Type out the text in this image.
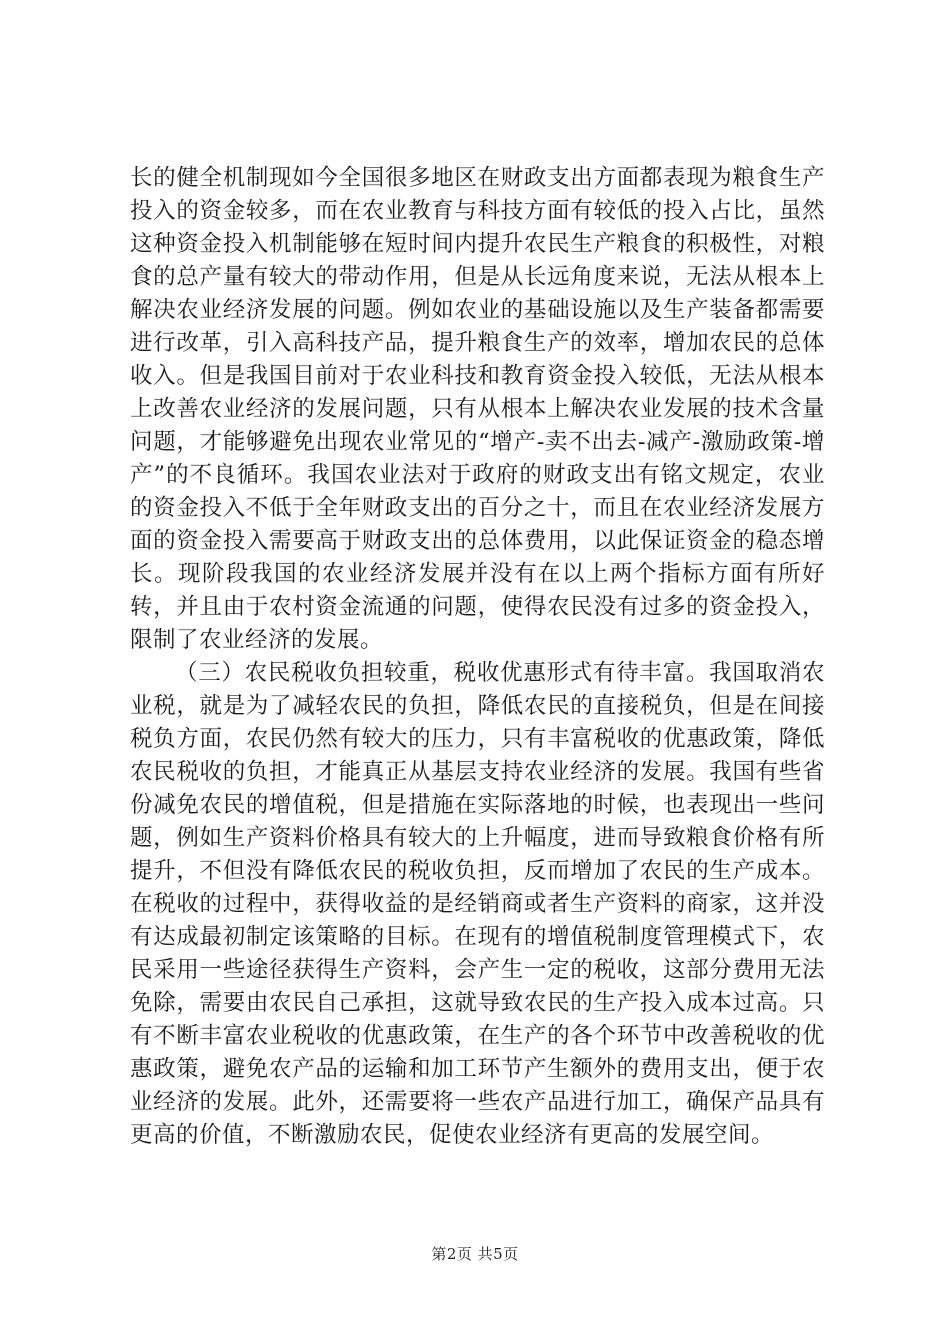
长的健全机制现如今全国很多地区在财政支出方面都表现为粮食生产投入的资金较多，而在农业教育与科技方面有较低的投入占比，虽然这种资金投入机制能够在短时间内提升农民生产粮食的积极性，对粮食的总产量有较大的带动作用，但是从长远角度来说，无法从根本上解决农业经济发展的问题。例如农业的基础设施以及生产装备都需要进行改革，引入高科技产品，提升粮食生产的效率，增加农民的总体收入。但是我国目前对于农业科技和教育资金投入较低，无法从根本上改善农业经济的发展问题，只有从根本上解决农业发展的技术含量问题，才能够避免出现农业常见的“增产-卖不出去-减产-激励政策-增产”的不良循环。我国农业法对于政府的财政支出有铭文规定，农业的资金投入不低于全年财政支出的百分之十，而且在农业经济发展方面的资金投入需要高于财政支出的总体费用，以此保证资金的稳态增长。现阶段我国的农业经济发展并没有在以上两个指标方面有所好转，并且由于农村资金流通的问题，使得农民没有过多的资金投入，限制了农业经济的发展。

（三）农民税收负担较重，税收优惠形式有待丰富。我国取消农业税，就是为了减轻农民的负担，降低农民的直接税负，但是在间接税负方面，农民仍然有较大的压力，只有丰富税收的优惠政策，降低农民税收的负担，才能真正从基层支持农业经济的发展。我国有些省份减免农民的增值税，但是措施在实际落地的时候，也表现出一些问题，例如生产资料价格具有较大的上升幅度，进而导致粮食价格有所提升，不但没有降低农民的税收负担，反而增加了农民的生产成本。在税收的过程中，获得收益的是经销商或者生产资料的商家，这并没有达成最初制定该策略的目标。在现有的增值税制度管理模式下，农民采用一些途径获得生产资料，会产生一定的税收，这部分费用无法免除，需要由农民自己承担，这就导致农民的生产投入成本过高。只有不断丰富农业税收的优惠政策，在生产的各个环节中改善税收的优惠政策，避免农产品的运输和加工环节产生额外的费用支出，便于农业经济的发展。此外，还需要将一些农产品进行加工，确保产品具有更高的价值，不断激励农民，促使农业经济有更高的发展空间。

第2页 共5页
